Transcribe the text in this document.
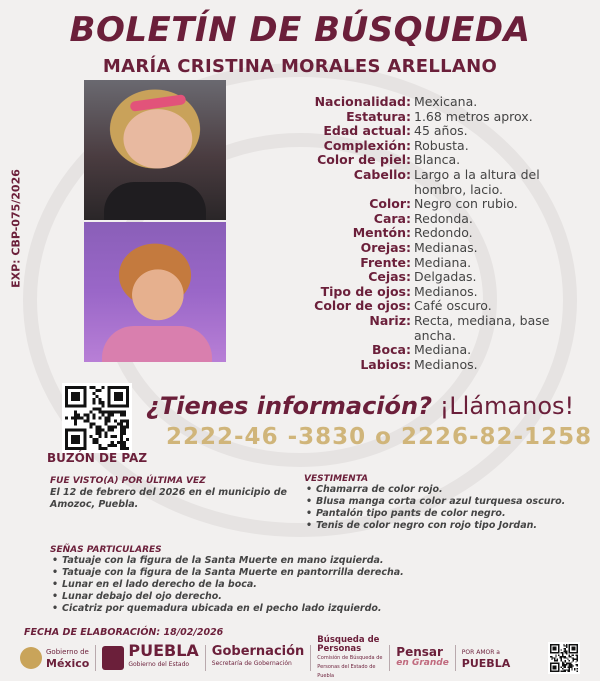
BOLETÍN DE BÚSQUEDA
MARÍA CRISTINA MORALES ARELLANO
EXP: CBP-075/2026
Nacionalidad: Mexicana.
Estatura: 1.68 metros aprox.
Edad actual: 45 años.
Complexión: Robusta.
Color de piel: Blanca.
Cabello: Largo a la altura del hombro, lacio.
Color: Negro con rubio.
Cara: Redonda.
Mentón: Redondo.
Orejas: Medianas.
Frente: Mediana.
Cejas: Delgadas.
Tipo de ojos: Medianos.
Color de ojos: Café oscuro.
Nariz: Recta, mediana, base ancha.
Boca: Mediana.
Labios: Medianos.
BUZÓN DE PAZ
¿Tienes información? ¡Llámanos!
2222-46 -3830 o 2226-82-1258
FUE VISTO(A) POR ÚLTIMA VEZ
El 12 de febrero del 2026 en el municipio de Amozoc, Puebla.
VESTIMENTA
• Chamarra de color rojo.
• Blusa manga corta color azul turquesa oscuro.
• Pantalón tipo pants de color negro.
• Tenis de color negro con rojo tipo Jordan.
SEÑAS PARTICULARES
• Tatuaje con la figura de la Santa Muerte en mano izquierda.
• Tatuaje con la figura de la Santa Muerte en pantorrilla derecha.
• Lunar en el lado derecho de la boca.
• Lunar debajo del ojo derecho.
• Cicatriz por quemadura ubicada en el pecho lado izquierdo.
FECHA DE ELABORACIÓN: 18/02/2026
Gobierno de
México
PUEBLA
Gobierno del Estado
Gobernación
Secretaría de Gobernación
Búsqueda de Personas
Comisión de Búsqueda de Personas del Estado de Puebla
Pensar
en Grande
POR AMOR a
PUEBLA
